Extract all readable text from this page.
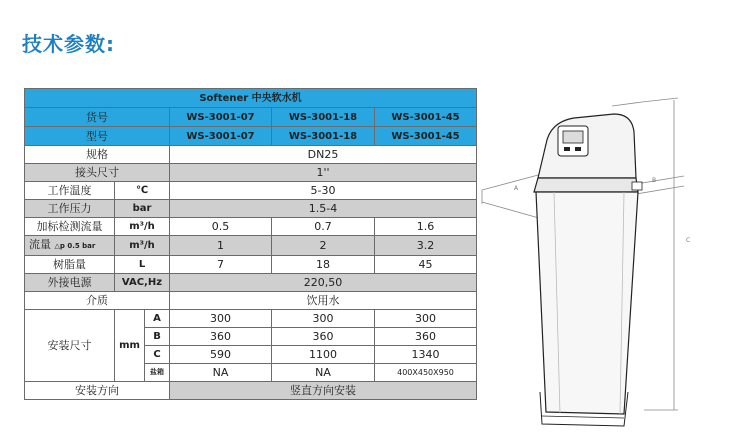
技术参数:
Softener 中央软水机					
货号			WS-3001-07	WS-3001-18	WS-3001-45
型号			WS-3001-07	WS-3001-18	WS-3001-45
规格			DN25		
接头尺寸			1''		
工作温度	℃		5-30		
工作压力	bar		1.5-4		
加标检测流量	m³/h		0.5	0.7	1.6
流量 △p 0.5 bar	m³/h		1	2	3.2
树脂量	L		7	18	45
外接电源	VAC,Hz		220,50		
介质			饮用水		
安装尺寸	mm	A	300	300	300
		B	360	360	360
		C	590	1100	1340
		盐箱	NA	NA	400X450X950
安装方向			竖直方向安装		
A
B
C
